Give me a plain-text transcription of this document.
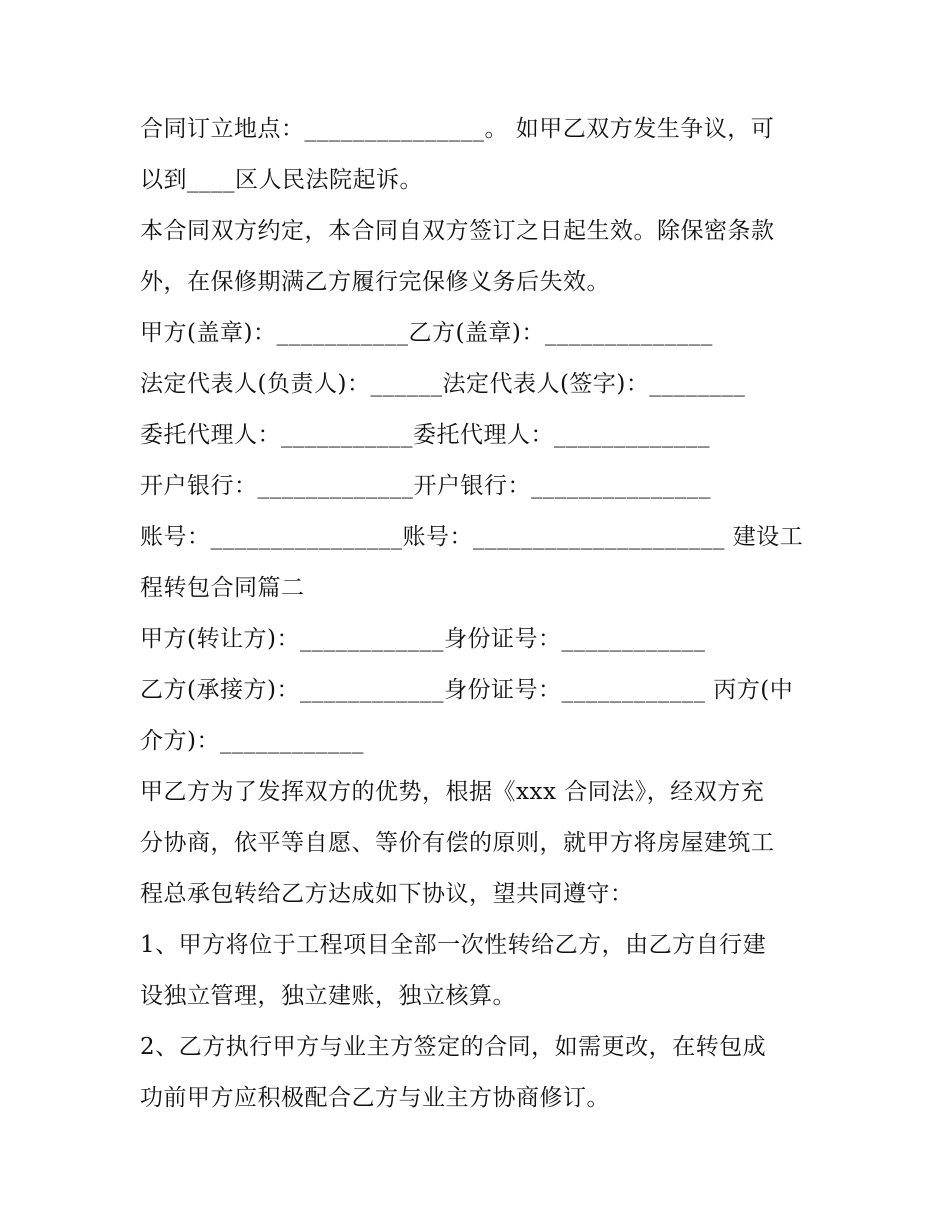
合同订立地点：_______________。 如甲乙双方发生争议，可
以到____区人民法院起诉。
本合同双方约定，本合同自双方签订之日起生效。除保密条款
外，在保修期满乙方履行完保修义务后失效。
甲方(盖章)：___________乙方(盖章)：______________
法定代表人(负责人)：______法定代表人(签字)：________
委托代理人：___________委托代理人：_____________
开户银行：_____________开户银行：_______________
账号：________________账号：_____________________ 建设工
程转包合同篇二
甲方(转让方)：____________身份证号：____________
乙方(承接方)：____________身份证号：____________ 丙方(中
介方)：____________
甲乙方为了发挥双方的优势，根据《xxx 合同法》，经双方充
分协商，依平等自愿、等价有偿的原则，就甲方将房屋建筑工
程总承包转给乙方达成如下协议，望共同遵守：
1、甲方将位于工程项目全部一次性转给乙方，由乙方自行建
设独立管理，独立建账，独立核算。
2、乙方执行甲方与业主方签定的合同，如需更改，在转包成
功前甲方应积极配合乙方与业主方协商修订。
